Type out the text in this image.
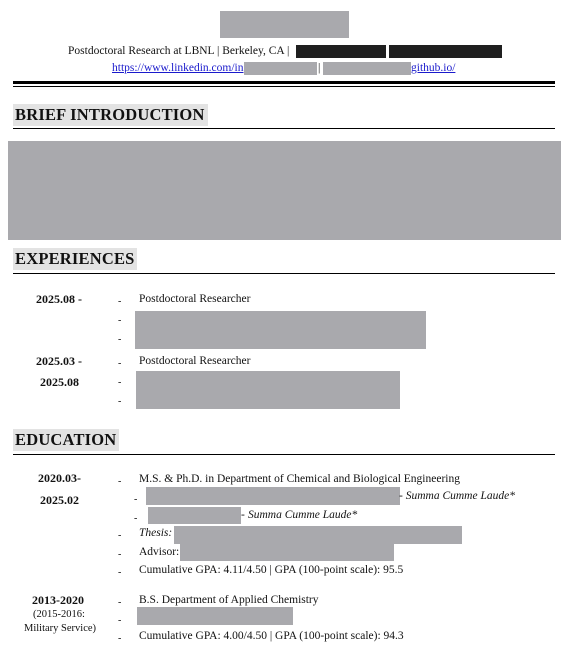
Postdoctoral Research at LBNL | Berkeley, CA |
https://www.linkedin.com/in	|	github.io/
BRIEF INTRODUCTION
EXPERIENCES
2025.08 -	- Postdoctoral Researcher
-
-
2025.03 -
2025.08
- Postdoctoral Researcher
-
-
EDUCATION
2020.03-
2025.02
- M.S. & Ph.D. in Department of Chemical and Biological Engineering
-	- Summa Cumme Laude*
-	- Summa Cumme Laude*
- Thesis:
- Advisor:
- Cumulative GPA: 4.11/4.50 | GPA (100-point scale): 95.5
2013-2020
(2015-2016:
Military Service)
- B.S. Department of Applied Chemistry
-
- Cumulative GPA: 4.00/4.50 | GPA (100-point scale): 94.3
